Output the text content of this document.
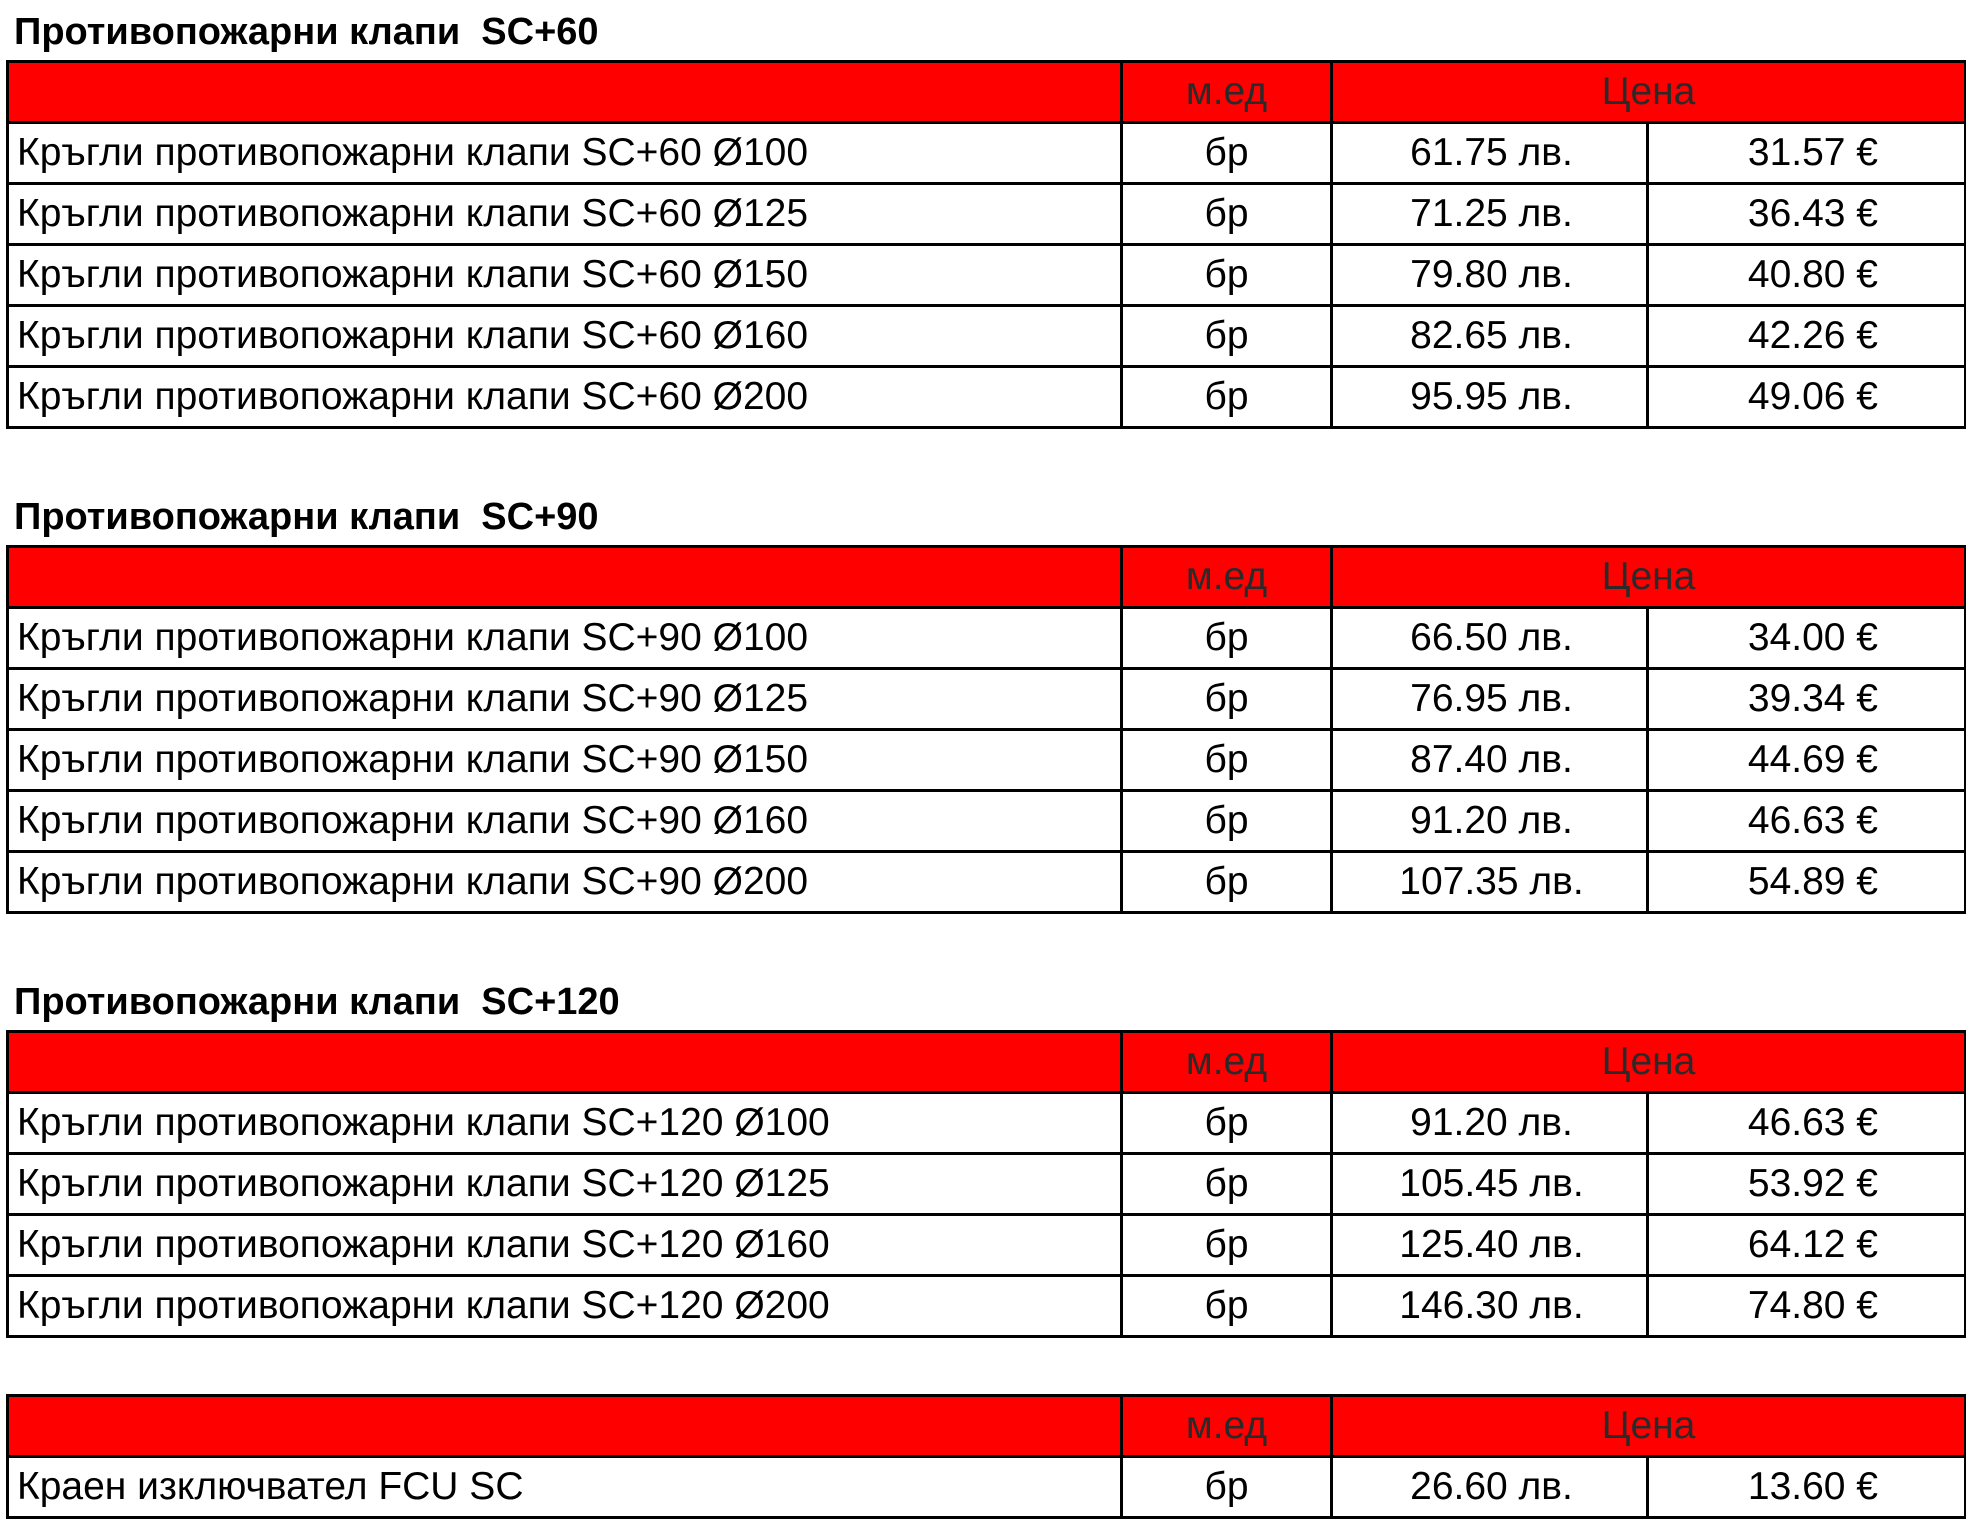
Противопожарни клапи  SC+60
	м.ед	Цена	
Кръгли противопожарни клапи SC+60 Ø100	бр	61.75 лв.	31.57 €
Кръгли противопожарни клапи SC+60 Ø125	бр	71.25 лв.	36.43 €
Кръгли противопожарни клапи SC+60 Ø150	бр	79.80 лв.	40.80 €
Кръгли противопожарни клапи SC+60 Ø160	бр	82.65 лв.	42.26 €
Кръгли противопожарни клапи SC+60 Ø200	бр	95.95 лв.	49.06 €
Противопожарни клапи  SC+90
	м.ед	Цена	
Кръгли противопожарни клапи SC+90 Ø100	бр	66.50 лв.	34.00 €
Кръгли противопожарни клапи SC+90 Ø125	бр	76.95 лв.	39.34 €
Кръгли противопожарни клапи SC+90 Ø150	бр	87.40 лв.	44.69 €
Кръгли противопожарни клапи SC+90 Ø160	бр	91.20 лв.	46.63 €
Кръгли противопожарни клапи SC+90 Ø200	бр	107.35 лв.	54.89 €
Противопожарни клапи  SC+120
	м.ед	Цена	
Кръгли противопожарни клапи SC+120 Ø100	бр	91.20 лв.	46.63 €
Кръгли противопожарни клапи SC+120 Ø125	бр	105.45 лв.	53.92 €
Кръгли противопожарни клапи SC+120 Ø160	бр	125.40 лв.	64.12 €
Кръгли противопожарни клапи SC+120 Ø200	бр	146.30 лв.	74.80 €
	м.ед	Цена	
Краен изключвател FCU SC	бр	26.60 лв.	13.60 €
